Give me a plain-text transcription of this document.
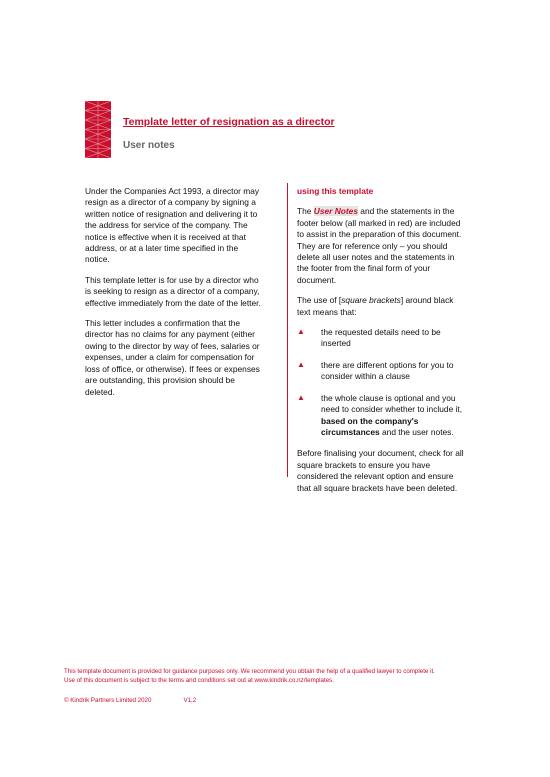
Template letter of resignation as a director
User notes

Under the Companies Act 1993, a director may resign as a director of a company by signing a written notice of resignation and delivering it to the address for service of the company. The notice is effective when it is received at that address, or at a later time specified in the notice.

This template letter is for use by a director who is seeking to resign as a director of a company, effective immediately from the date of the letter.

This letter includes a confirmation that the director has no claims for any payment (either owing to the director by way of fees, salaries or expenses, under a claim for compensation for loss of office, or otherwise). If fees or expenses are outstanding, this provision should be deleted.

using this template

The User Notes and the statements in the footer below (all marked in red) are included to assist in the preparation of this document. They are for reference only – you should delete all user notes and the statements in the footer from the final form of your document.

The use of [square brackets] around black text means that:

▲ the requested details need to be inserted
▲ there are different options for you to consider within a clause
▲ the whole clause is optional and you need to consider whether to include it, based on the company's circumstances and the user notes.

Before finalising your document, check for all square brackets to ensure you have considered the relevant option and ensure that all square brackets have been deleted.

This template document is provided for guidance purposes only. We recommend you obtain the help of a qualified lawyer to complete it.

Use of this document is subject to the terms and conditions set out at www.kindrik.co.nz/templates.

© Kindrik Partners Limited 2020	V1.2
